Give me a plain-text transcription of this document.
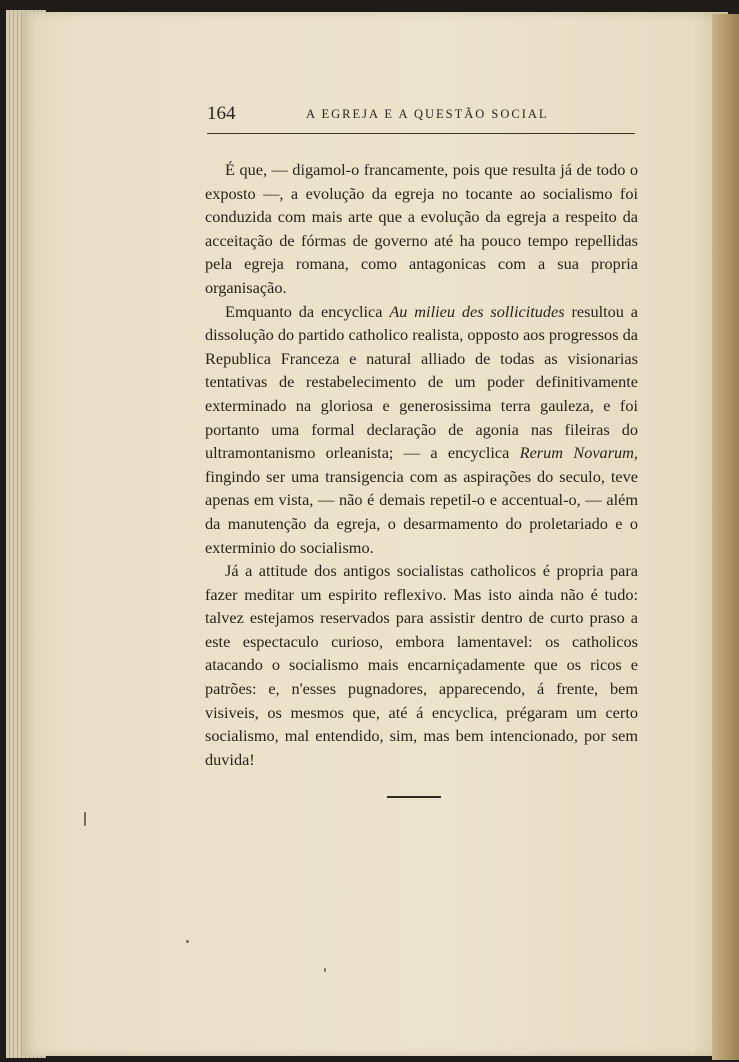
164	A EGREJA E A QUESTÃO SOCIAL

É que, — digamol-o francamente, pois que resulta já de todo o exposto —, a evolução da egreja no tocante ao socialismo foi conduzida com mais arte que a evolução da egreja a respeito da acceitação de fórmas de governo até ha pouco tempo repellidas pela egreja romana, como antagonicas com a sua propria organisação.

Emquanto da encyclica Au milieu des sollicitudes resultou a dissolução do partido catholico realista, opposto aos progressos da Republica Franceza e natural alliado de todas as visionarias tentativas de restabelecimento de um poder definitivamente exterminado na gloriosa e generosissima terra gauleza, e foi portanto uma formal declaração de agonia nas fileiras do ultramontanismo orleanista; — a encyclica Rerum Novarum, fingindo ser uma transigencia com as aspirações do seculo, teve apenas em vista, — não é demais repetil-o e accentual-o, — além da manutenção da egreja, o desarmamento do proletariado e o exterminio do socialismo.

Já a attitude dos antigos socialistas catholicos é propria para fazer meditar um espirito reflexivo. Mas isto ainda não é tudo: talvez estejamos reservados para assistir dentro de curto praso a este espectaculo curioso, embora lamentavel: os catholicos atacando o socialismo mais encarniçadamente que os ricos e patrões: e, n'esses pugnadores, apparecendo, á frente, bem visiveis, os mesmos que, até á encyclica, prégaram um certo socialismo, mal entendido, sim, mas bem intencionado, por sem duvida!
